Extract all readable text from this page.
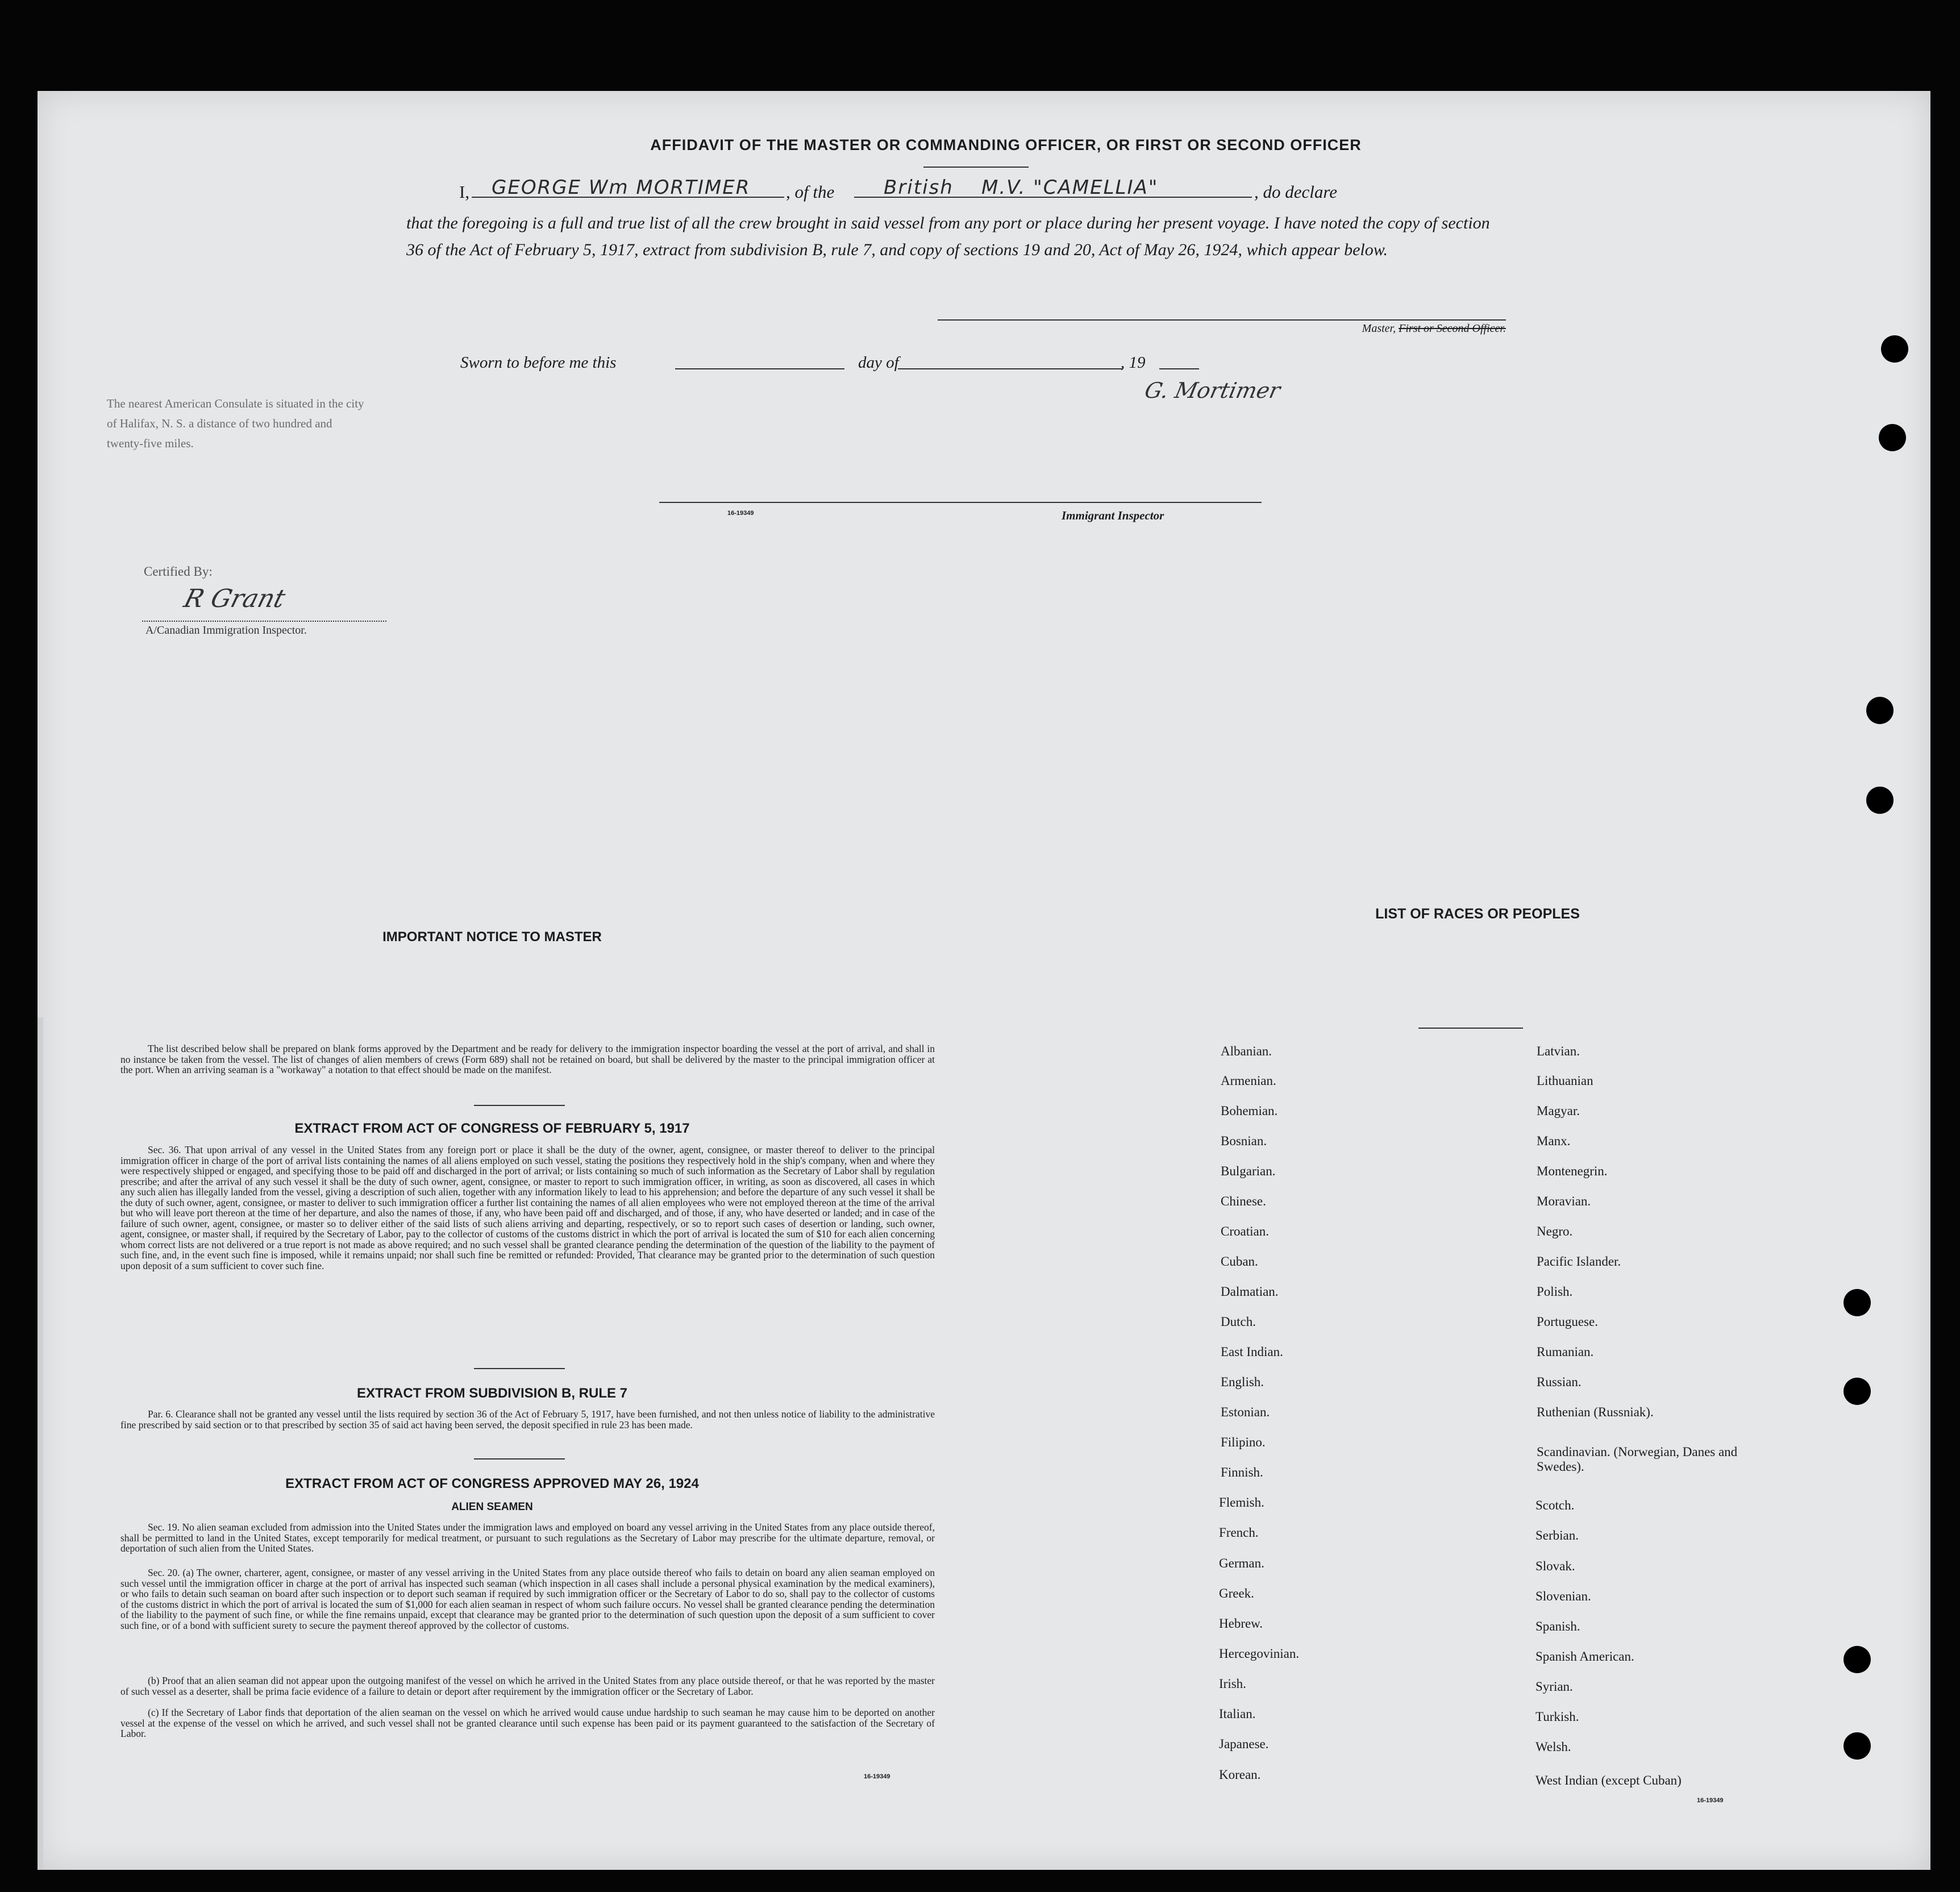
AFFIDAVIT OF THE MASTER OR COMMANDING OFFICER, OR FIRST OR SECOND OFFICER
I, GEORGE Wm MORTIMER , of the	British M.V. "CAMELLIA"	, do declare
that the foregoing is a full and true list of all the crew brought in said vessel from any port or place during her present voyage. I have noted the copy of section 36 of the Act of February 5, 1917, extract from subdivision B, rule 7, and copy of sections 19 and 20, Act of May 26, 1924, which appear below.
G. Mortimer
Master, First or Second Officer.
Sworn to before me this	day of	, 19
16-19349	Immigrant Inspector
The nearest American Consulate is situated in the city of Halifax, N. S. a distance of two hundred and twenty-five miles.
Certified By:
R Grant
A/Canadian Immigration Inspector.
IMPORTANT NOTICE TO MASTER
The list described below shall be prepared on blank forms approved by the Department and be ready for delivery to the immigration inspector boarding the vessel at the port of arrival, and shall in no instance be taken from the vessel. The list of changes of alien members of crews (Form 689) shall not be retained on board, but shall be delivered by the master to the principal immigration officer at the port. When an arriving seaman is a "workaway" a notation to that effect should be made on the manifest.
EXTRACT FROM ACT OF CONGRESS OF FEBRUARY 5, 1917
Sec. 36. That upon arrival of any vessel in the United States from any foreign port or place it shall be the duty of the owner, agent, consignee, or master thereof to deliver to the principal immigration officer in charge of the port of arrival lists containing the names of all aliens employed on such vessel, stating the positions they respectively hold in the ship's company, when and where they were respectively shipped or engaged, and specifying those to be paid off and discharged in the port of arrival; or lists containing so much of such information as the Secretary of Labor shall by regulation prescribe; and after the arrival of any such vessel it shall be the duty of such owner, agent, consignee, or master to report to such immigration officer, in writing, as soon as discovered, all cases in which any such alien has illegally landed from the vessel, giving a description of such alien, together with any information likely to lead to his apprehension; and before the departure of any such vessel it shall be the duty of such owner, agent, consignee, or master to deliver to such immigration officer a further list containing the names of all alien employees who were not employed thereon at the time of the arrival but who will leave port thereon at the time of her departure, and also the names of those, if any, who have been paid off and discharged, and of those, if any, who have deserted or landed; and in case of the failure of such owner, agent, consignee, or master so to deliver either of the said lists of such aliens arriving and departing, respectively, or so to report such cases of desertion or landing, such owner, agent, consignee, or master shall, if required by the Secretary of Labor, pay to the collector of customs of the customs district in which the port of arrival is located the sum of $10 for each alien concerning whom correct lists are not delivered or a true report is not made as above required; and no such vessel shall be granted clearance pending the determination of the question of the liability to the payment of such fine, and, in the event such fine is imposed, while it remains unpaid; nor shall such fine be remitted or refunded: Provided, That clearance may be granted prior to the determination of such question upon deposit of a sum sufficient to cover such fine.
EXTRACT FROM SUBDIVISION B, RULE 7
Par. 6. Clearance shall not be granted any vessel until the lists required by section 36 of the Act of February 5, 1917, have been furnished, and not then unless notice of liability to the administrative fine prescribed by said section or to that prescribed by section 35 of said act having been served, the deposit specified in rule 23 has been made.
EXTRACT FROM ACT OF CONGRESS APPROVED MAY 26, 1924
ALIEN SEAMEN
Sec. 19. No alien seaman excluded from admission into the United States under the immigration laws and employed on board any vessel arriving in the United States from any place outside thereof, shall be permitted to land in the United States, except temporarily for medical treatment, or pursuant to such regulations as the Secretary of Labor may prescribe for the ultimate departure, removal, or deportation of such alien from the United States.
Sec. 20. (a) The owner, charterer, agent, consignee, or master of any vessel arriving in the United States from any place outside thereof who fails to detain on board any alien seaman employed on such vessel until the immigration officer in charge at the port of arrival has inspected such seaman (which inspection in all cases shall include a personal physical examination by the medical examiners), or who fails to detain such seaman on board after such inspection or to deport such seaman if required by such immigration officer or the Secretary of Labor to do so, shall pay to the collector of customs of the customs district in which the port of arrival is located the sum of $1,000 for each alien seaman in respect of whom such failure occurs. No vessel shall be granted clearance pending the determination of the liability to the payment of such fine, or while the fine remains unpaid, except that clearance may be granted prior to the determination of such question upon the deposit of a sum sufficient to cover such fine, or of a bond with sufficient surety to secure the payment thereof approved by the collector of customs.
(b) Proof that an alien seaman did not appear upon the outgoing manifest of the vessel on which he arrived in the United States from any place outside thereof, or that he was reported by the master of such vessel as a deserter, shall be prima facie evidence of a failure to detain or deport after requirement by the immigration officer or the Secretary of Labor.
(c) If the Secretary of Labor finds that deportation of the alien seaman on the vessel on which he arrived would cause undue hardship to such seaman he may cause him to be deported on another vessel at the expense of the vessel on which he arrived, and such vessel shall not be granted clearance until such expense has been paid or its payment guaranteed to the satisfaction of the Secretary of Labor.
16-19349
LIST OF RACES OR PEOPLES
Albanian.
Armenian.
Bohemian.
Bosnian.
Bulgarian.
Chinese.
Croatian.
Cuban.
Dalmatian.
Dutch.
East Indian.
English.
Estonian.
Filipino.
Finnish.
Flemish.
French.
German.
Greek.
Hebrew.
Hercegovinian.
Irish.
Italian.
Japanese.
Korean.
Latvian.
Lithuanian
Magyar.
Manx.
Montenegrin.
Moravian.
Negro.
Pacific Islander.
Polish.
Portuguese.
Rumanian.
Russian.
Ruthenian (Russniak).
Scandinavian. (Norwegian, Danes and Swedes).
Scotch.
Serbian.
Slovak.
Slovenian.
Spanish.
Spanish American.
Syrian.
Turkish.
Welsh.
West Indian (except Cuban)
16-19349
